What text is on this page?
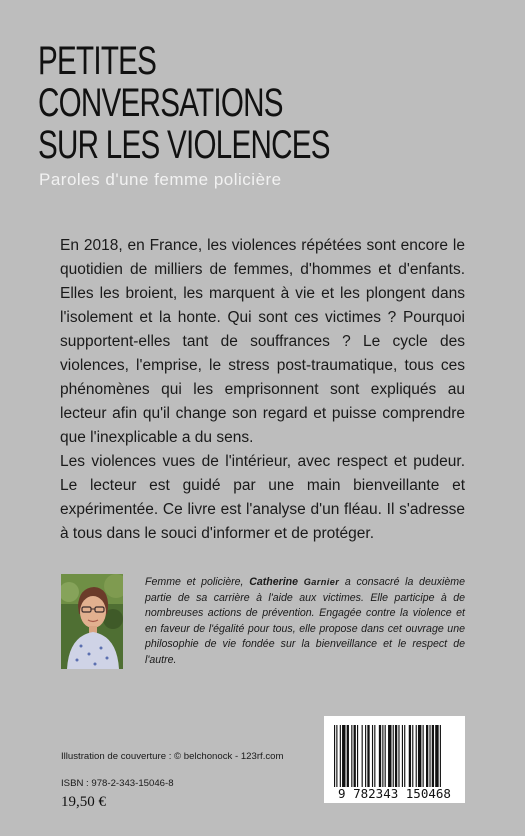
PETITES
CONVERSATIONS
SUR LES VIOLENCES
Paroles d'une femme policière

En 2018, en France, les violences répétées sont encore le quotidien de milliers de femmes, d'hommes et d'enfants. Elles les broient, les marquent à vie et les plongent dans l'isolement et la honte. Qui sont ces victimes ? Pourquoi supportent-elles tant de souffrances ? Le cycle des violences, l'emprise, le stress post-traumatique, tous ces phénomènes qui les emprisonnent sont expliqués au lecteur afin qu'il change son regard et puisse comprendre que l'inexplicable a du sens.

Les violences vues de l'intérieur, avec respect et pudeur. Le lecteur est guidé par une main bienveillante et expérimentée. Ce livre est l'analyse d'un fléau. Il s'adresse à tous dans le souci d'informer et de protéger.

Femme et policière, Catherine Garnier a consacré la deuxième partie de sa carrière à l'aide aux victimes. Elle participe à de nombreuses actions de prévention. Engagée contre la violence et en faveur de l'égalité pour tous, elle propose dans cet ouvrage une philosophie de vie fondée sur la bienveillance et le respect de l'autre.

Illustration de couverture : © belchonock - 123rf.com
ISBN : 978-2-343-15046-8
19,50 €
9 782343 150468
